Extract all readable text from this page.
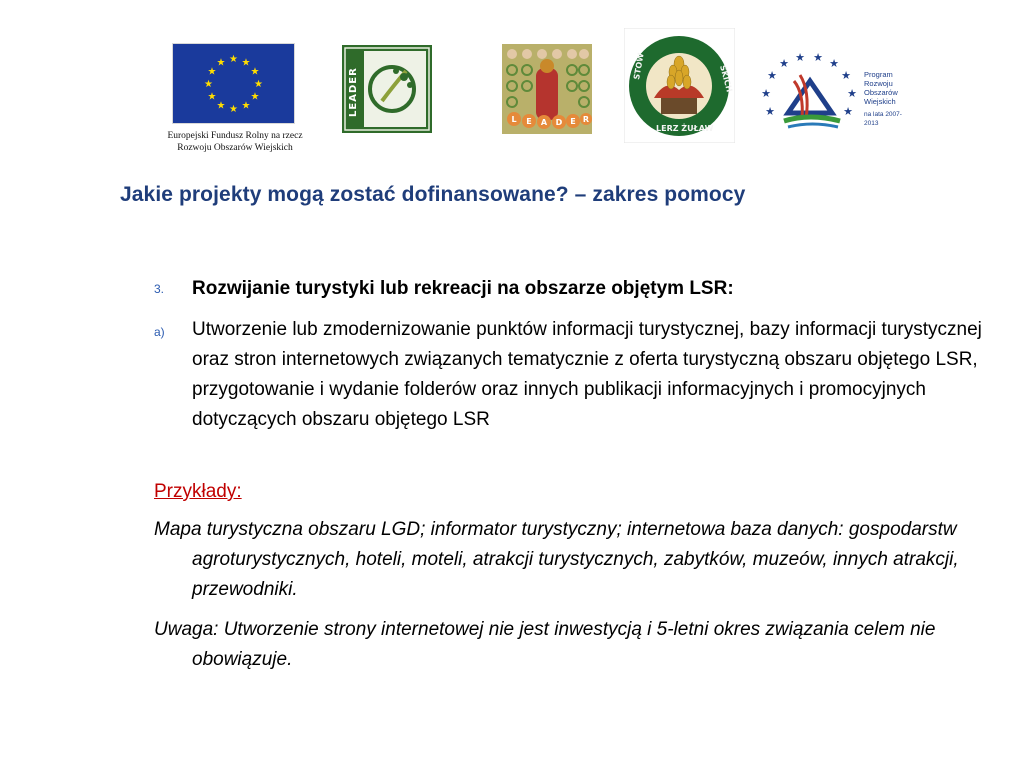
★ ★
★
★
★
★
★
★
★
★
★
★
Europejski Fundusz Rolny na rzecz
Rozwoju Obszarów Wiejskich
LEADER
L E A D E R
STOW
LERZ ŻUŁAW
SKICH	★
★ ★ ★ ★
★
★	★
★	★
Program
Rozwoju
Obszarów
Wiejskich
na lata 2007-2013
Jakie projekty mogą zostać dofinansowane? – zakres pomocy
3. Rozwijanie turystyki lub rekreacji na obszarze objętym LSR:
a) Utworzenie lub zmodernizowanie punktów informacji turystycznej, bazy informacji turystycznej oraz stron internetowych związanych tematycznie z oferta turystyczną obszaru objętego LSR, przygotowanie i wydanie folderów oraz innych publikacji informacyjnych i promocyjnych dotyczących obszaru objętego LSR
Przykłady:
Mapa turystyczna obszaru LGD; informator turystyczny; internetowa baza danych: gospodarstw agroturystycznych, hoteli, moteli, atrakcji turystycznych, zabytków, muzeów, innych atrakcji, przewodniki.
Uwaga: Utworzenie strony internetowej nie jest inwestycją i 5-letni okres związania celem nie obowiązuje.
